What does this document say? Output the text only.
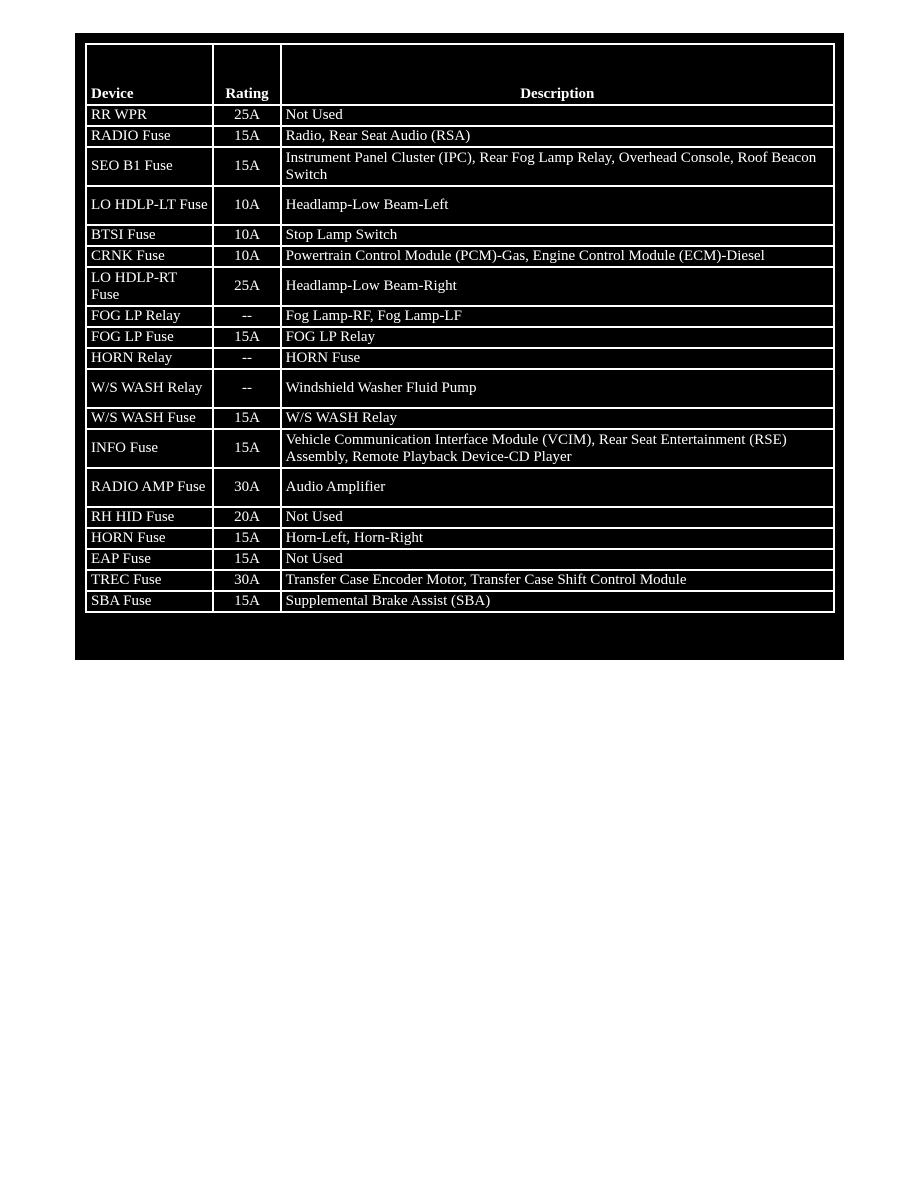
Device	Rating	Description
RR WPR	25A	Not Used
RADIO Fuse	15A	Radio, Rear Seat Audio (RSA)
SEO B1 Fuse	15A	Instrument Panel Cluster (IPC), Rear Fog Lamp Relay, Overhead Console, Roof Beacon Switch
LO HDLP-LT Fuse	10A	Headlamp-Low Beam-Left
BTSI Fuse	10A	Stop Lamp Switch
CRNK Fuse	10A	Powertrain Control Module (PCM)-Gas, Engine Control Module (ECM)-Diesel
LO HDLP-RT Fuse	25A	Headlamp-Low Beam-Right
FOG LP Relay	--	Fog Lamp-RF, Fog Lamp-LF
FOG LP Fuse	15A	FOG LP Relay
HORN Relay	--	HORN Fuse
W/S WASH Relay	--	Windshield Washer Fluid Pump
W/S WASH Fuse	15A	W/S WASH Relay
INFO Fuse	15A	Vehicle Communication Interface Module (VCIM), Rear Seat Entertainment (RSE) Assembly, Remote Playback Device-CD Player
RADIO AMP Fuse	30A	Audio Amplifier
RH HID Fuse	20A	Not Used
HORN Fuse	15A	Horn-Left, Horn-Right
EAP Fuse	15A	Not Used
TREC Fuse	30A	Transfer Case Encoder Motor, Transfer Case Shift Control Module
SBA Fuse	15A	Supplemental Brake Assist (SBA)
